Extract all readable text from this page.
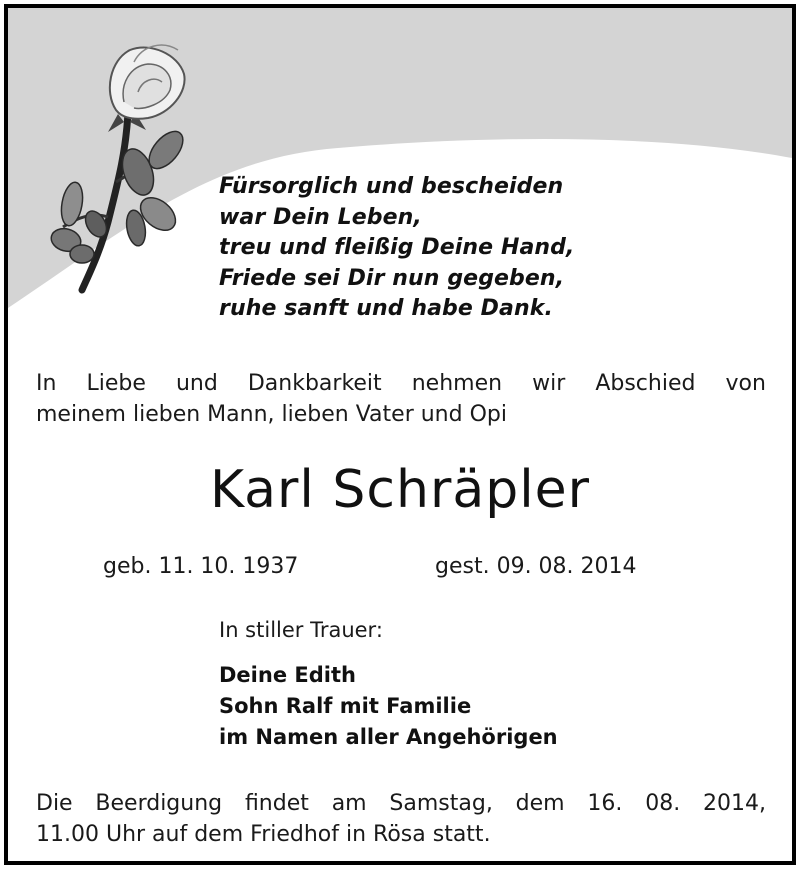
Fürsorglich und bescheiden
war Dein Leben,
treu und fleißig Deine Hand,
Friede sei Dir nun gegeben,
ruhe sanft und habe Dank.
In Liebe und Dankbarkeit nehmen wir Abschied von
meinem lieben Mann, lieben Vater und Opi
Karl Schräpler
geb. 11. 10. 1937	gest. 09. 08. 2014
In stiller Trauer:
Deine Edith
Sohn Ralf mit Familie
im Namen aller Angehörigen
Die Beerdigung findet am Samstag, dem 16. 08. 2014,
11.00 Uhr auf dem Friedhof in Rösa statt.
